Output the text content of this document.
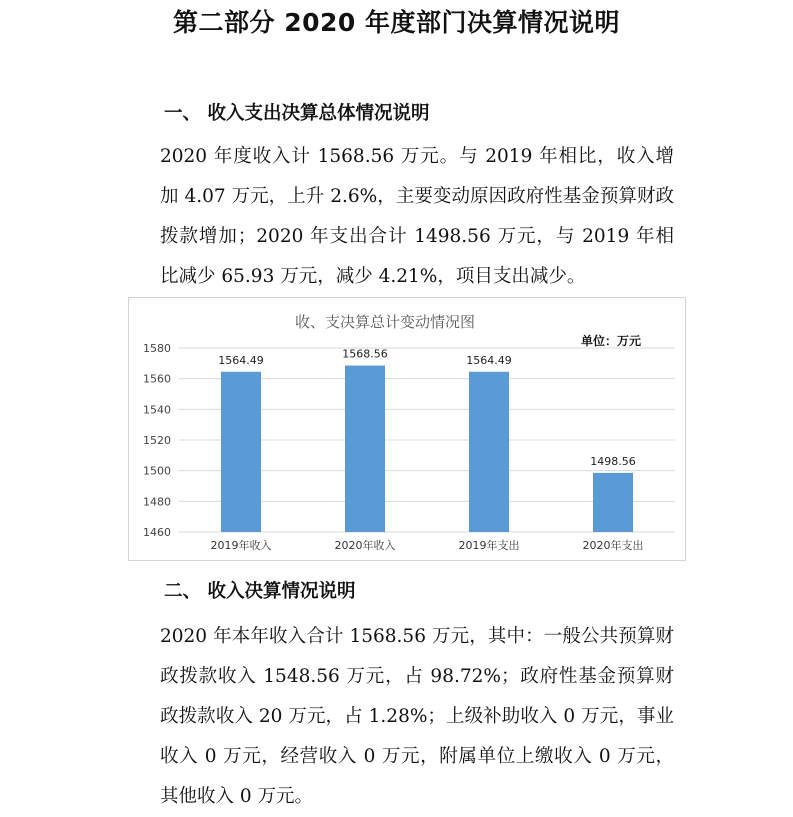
第二部分 2020 年度部门决算情况说明
一、 收入支出决算总体情况说明

2020 年度收入计 1568.56 万元。与 2019 年相比，收入增加 4.07 万元，上升 2.6%，主要变动原因政府性基金预算财政拨款增加；2020 年支出合计 1498.56 万元，与 2019 年相比减少 65.93 万元，减少 4.21%，项目支出减少。

收、支决算总计变动情况图
单位：万元
1460
1480
1500
1520
1540
1560
1580
1564.49	1568.56	1564.49
1498.56
2019年收入	2020年收入	2019年支出	2020年支出
二、 收入决算情况说明

2020 年本年收入合计 1568.56 万元，其中：一般公共预算财政拨款收入 1548.56 万元，占 98.72%；政府性基金预算财政拨款收入 20 万元，占 1.28%；上级补助收入 0 万元，事业收入 0 万元，经营收入 0 万元，附属单位上缴收入 0 万元，其他收入 0 万元。
